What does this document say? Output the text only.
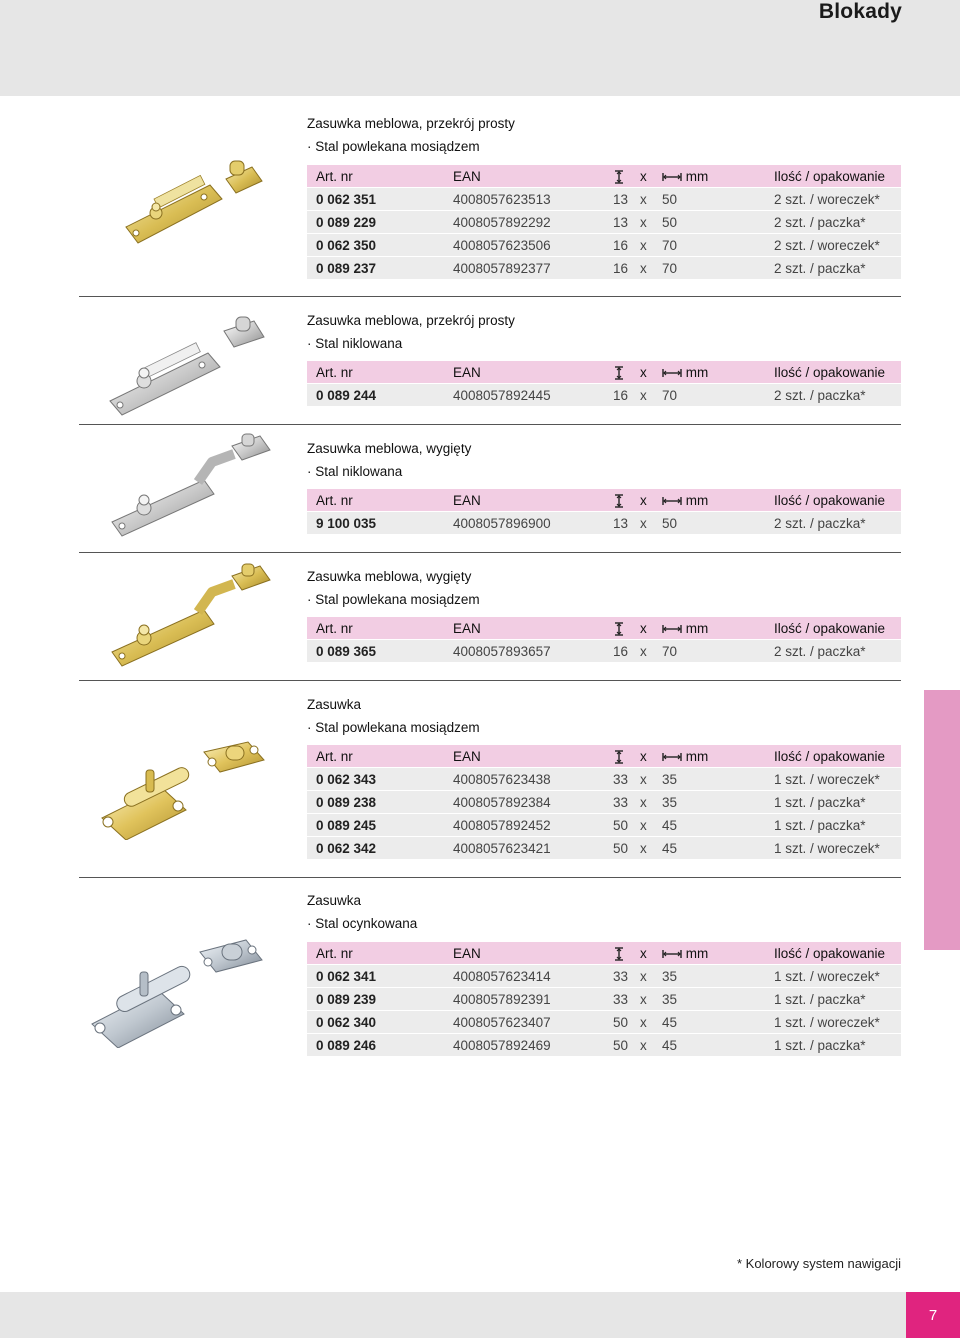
Blokady
Zasuwka meblowa, przekrój prosty
· Stal powlekana mosiądzem
Art. nr	EAN		x	mm	Ilość / opakowanie
0 062 351	4008057623513	13	x	50	2 szt. / woreczek*
0 089 229	4008057892292	13	x	50	2 szt. / paczka*
0 062 350	4008057623506	16	x	70	2 szt. / woreczek*
0 089 237	4008057892377	16	x	70	2 szt. / paczka*
Zasuwka meblowa, przekrój prosty
· Stal niklowana
Art. nr	EAN		x	mm	Ilość / opakowanie
0 089 244	4008057892445	16	x	70	2 szt. / paczka*
Zasuwka meblowa, wygięty
· Stal niklowana
Art. nr	EAN		x	mm	Ilość / opakowanie
9 100 035	4008057896900	13	x	50	2 szt. / paczka*
Zasuwka meblowa, wygięty
· Stal powlekana mosiądzem
Art. nr	EAN		x	mm	Ilość / opakowanie
0 089 365	4008057893657	16	x	70	2 szt. / paczka*
Zasuwka
· Stal powlekana mosiądzem
Art. nr	EAN		x	mm	Ilość / opakowanie
0 062 343	4008057623438	33	x	35	1 szt. / woreczek*
0 089 238	4008057892384	33	x	35	1 szt. / paczka*
0 089 245	4008057892452	50	x	45	1 szt. / paczka*
0 062 342	4008057623421	50	x	45	1 szt. / woreczek*
Zasuwka
· Stal ocynkowana
Art. nr	EAN		x	mm	Ilość / opakowanie
0 062 341	4008057623414	33	x	35	1 szt. / woreczek*
0 089 239	4008057892391	33	x	35	1 szt. / paczka*
0 062 340	4008057623407	50	x	45	1 szt. / woreczek*
0 089 246	4008057892469	50	x	45	1 szt. / paczka*
* Kolorowy system nawigacji
7
